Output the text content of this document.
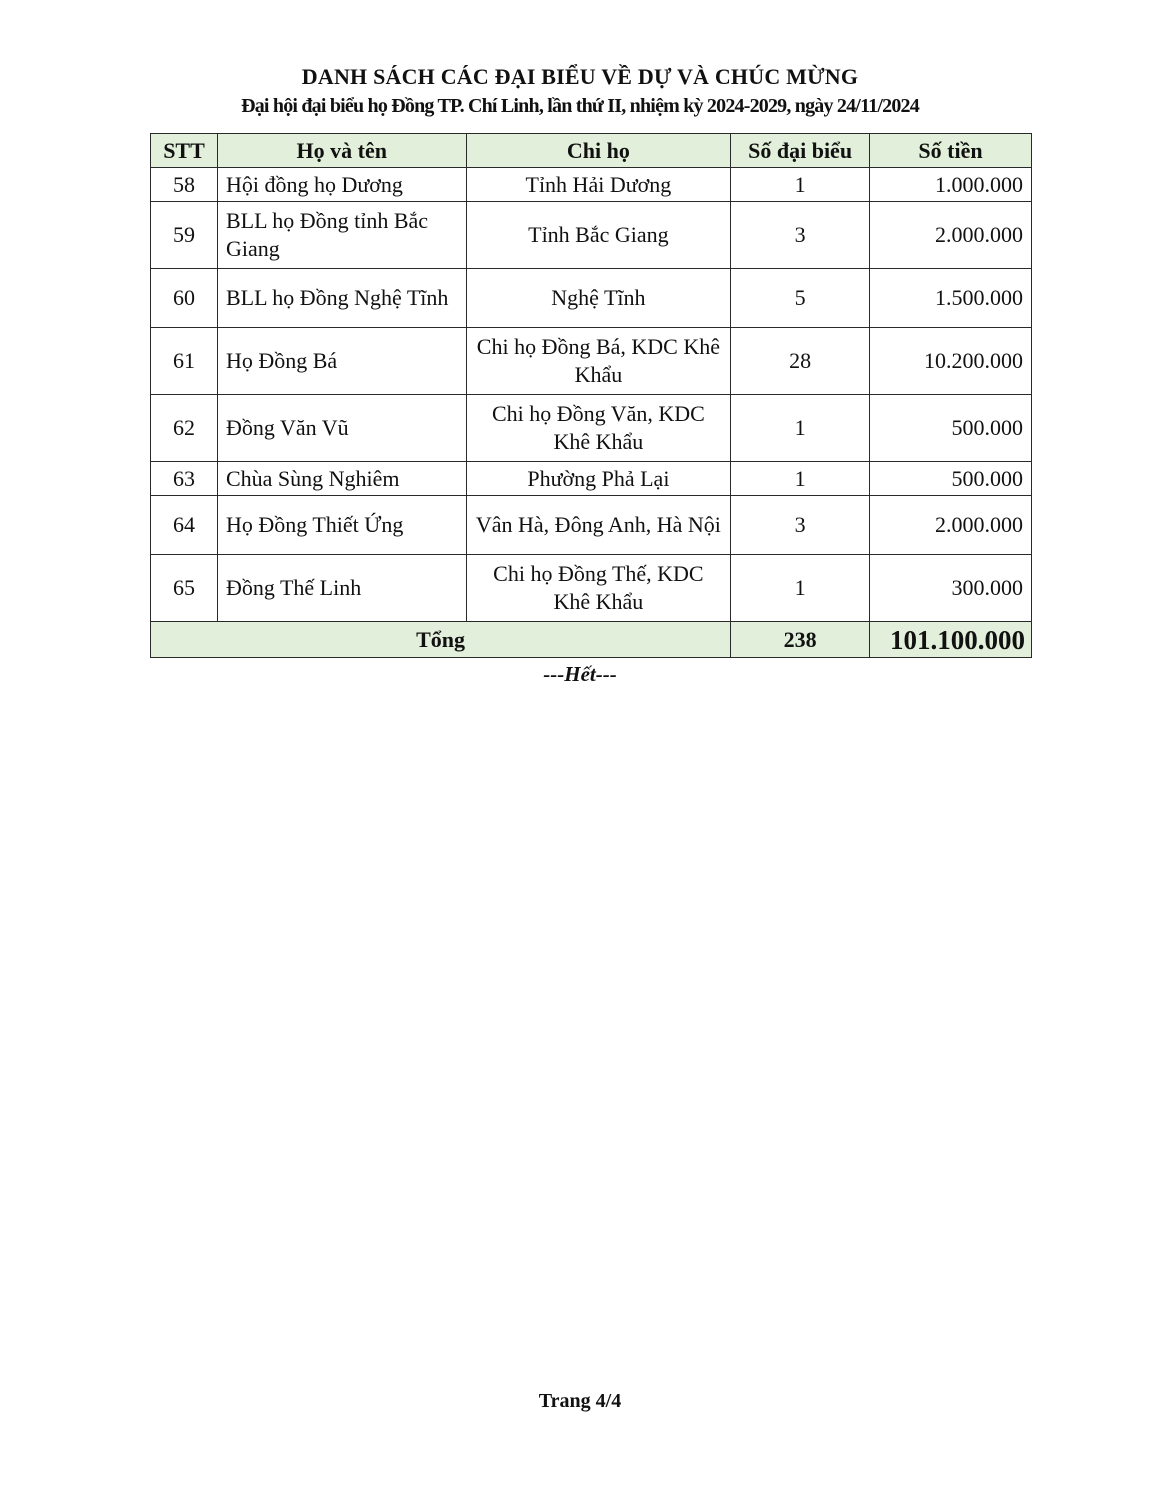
DANH SÁCH CÁC ĐẠI BIỂU VỀ DỰ VÀ CHÚC MỪNG
Đại hội đại biểu họ Đồng TP. Chí Linh, lần thứ II, nhiệm kỳ 2024-2029, ngày 24/11/2024
STT	Họ và tên	Chi họ	Số đại biểu	Số tiền
58	Hội đồng họ Dương	Tỉnh Hải Dương	1	1.000.000
59	BLL họ Đồng tỉnh Bắc Giang	Tỉnh Bắc Giang	3	2.000.000
60	BLL họ Đồng Nghệ Tĩnh	Nghệ Tĩnh	5	1.500.000
61	Họ Đồng Bá	Chi họ Đồng Bá, KDC Khê Khẩu	28	10.200.000
62	Đồng Văn Vũ	Chi họ Đồng Văn, KDC Khê Khẩu	1	500.000
63	Chùa Sùng Nghiêm	Phường Phả Lại	1	500.000
64	Họ Đồng Thiết Ứng	Vân Hà, Đông Anh, Hà Nội	3	2.000.000
65	Đồng Thế Linh	Chi họ Đồng Thế, KDC Khê Khẩu	1	300.000
Tổng			238	101.100.000
---Hết---
Trang 4/4
